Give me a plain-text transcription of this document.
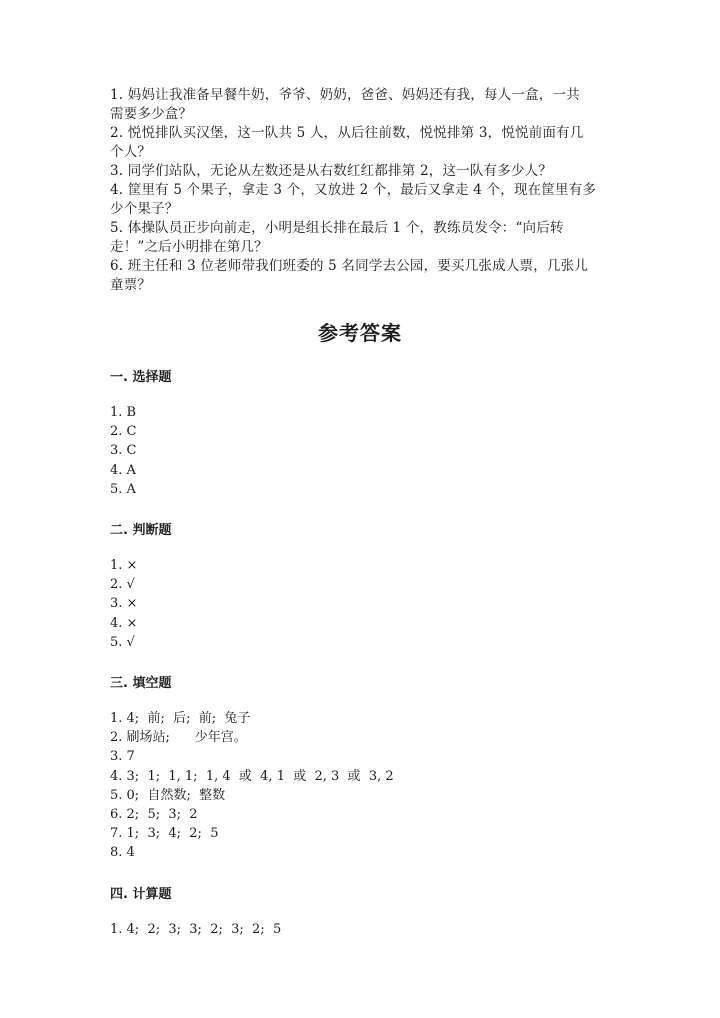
1. 妈妈让我准备早餐牛奶，爷爷、奶奶，爸爸、妈妈还有我，每人一盒，一共
需要多少盒？

2. 悦悦排队买汉堡，这一队共 5 人，从后往前数，悦悦排第 3，悦悦前面有几
个人？

3. 同学们站队，无论从左数还是从右数红红都排第 2，这一队有多少人？

4. 筐里有 5 个果子，拿走 3 个，又放进 2 个，最后又拿走 4 个，现在筐里有多
少个果子？

5. 体操队员正步向前走，小明是组长排在最后 1 个，教练员发令：“向后转
走！”之后小明排在第几？

6. 班主任和 3 位老师带我们班委的 5 名同学去公园，要买几张成人票，几张儿
童票？

参考答案
一. 选择题

1. B

2. C

3. C

4. A

5. A

二. 判断题

1. ×

2. √

3. ×

4. ×

5. √

三. 填空题

1. 4;  前;  后;  前;  兔子

2. 刷场站;      少年宫。

3. 7

4. 3;  1;  1, 1;  1, 4  或  4, 1  或  2, 3  或  3, 2

5. 0;  自然数;  整数

6. 2;  5;  3;  2

7. 1;  3;  4;  2;  5

8. 4

四. 计算题

1. 4;  2;  3;  3;  2;  3;  2;  5
